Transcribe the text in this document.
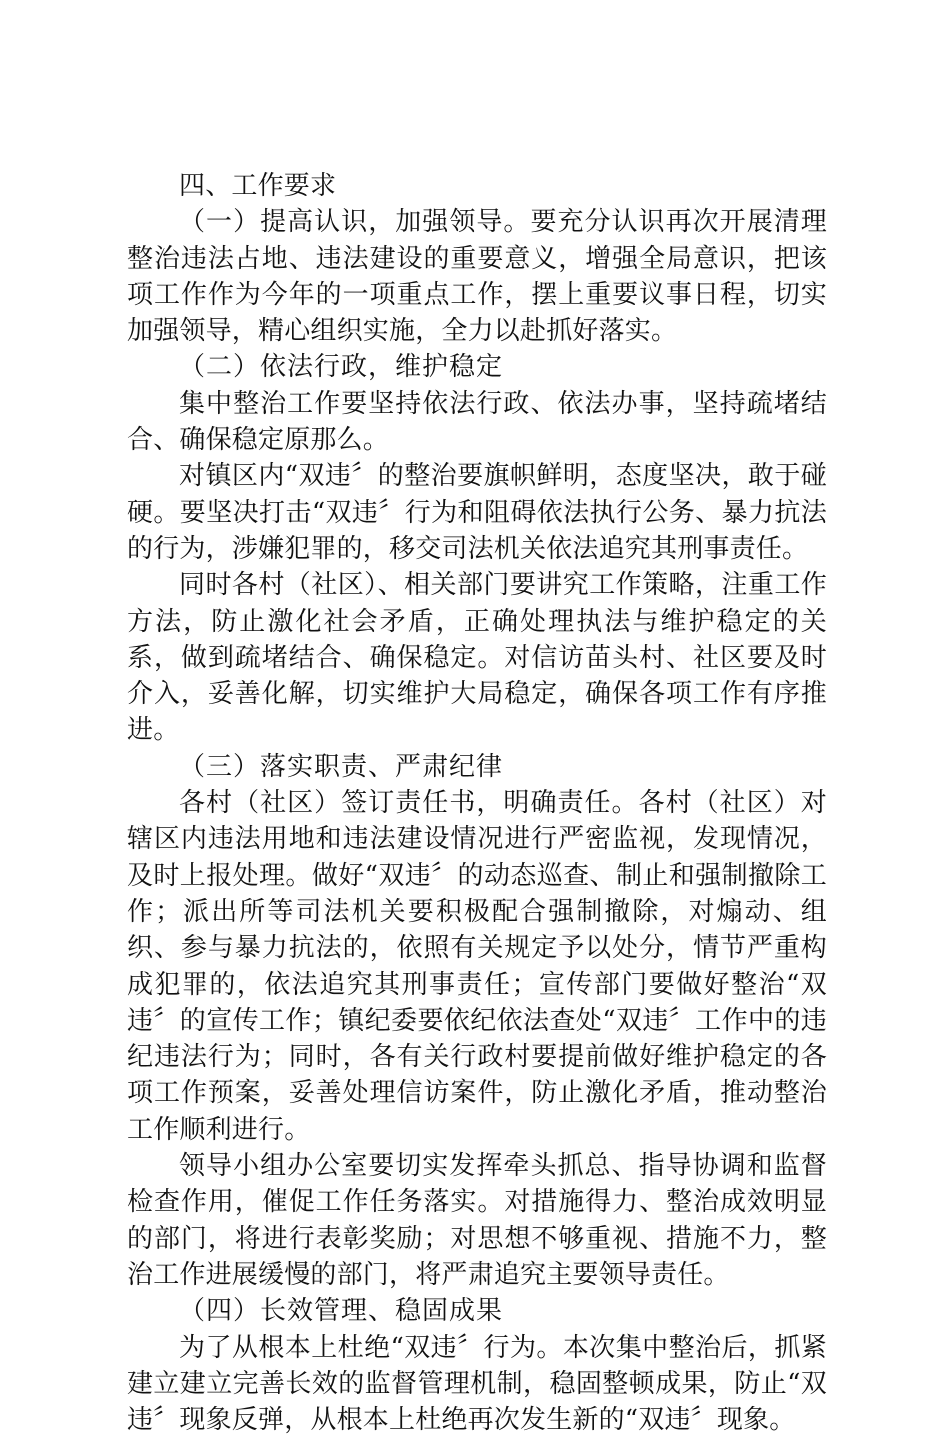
四、工作要求

（一）提高认识，加强领导。要充分认识再次开展清理整治违法占地、违法建设的重要意义，增强全局意识，把该项工作作为今年的一项重点工作，摆上重要议事日程，切实加强领导，精心组织实施，全力以赴抓好落实。

（二）依法行政，维护稳定

集中整治工作要坚持依法行政、依法办事，坚持疏堵结合、确保稳定原那么。

对镇区内“双违〞的整治要旗帜鲜明，态度坚决，敢于碰硬。要坚决打击“双违〞行为和阻碍依法执行公务、暴力抗法的行为，涉嫌犯罪的，移交司法机关依法追究其刑事责任。

同时各村（社区）、相关部门要讲究工作策略，注重工作方法，防止激化社会矛盾，正确处理执法与维护稳定的关系，做到疏堵结合、确保稳定。对信访苗头村、社区要及时介入，妥善化解，切实维护大局稳定，确保各项工作有序推进。

（三）落实职责、严肃纪律

各村（社区）签订责任书，明确责任。各村（社区）对辖区内违法用地和违法建设情况进行严密监视，发现情况，及时上报处理。做好“双违〞的动态巡查、制止和强制撤除工作；派出所等司法机关要积极配合强制撤除，对煽动、组织、参与暴力抗法的，依照有关规定予以处分，情节严重构成犯罪的，依法追究其刑事责任；宣传部门要做好整治“双违〞的宣传工作；镇纪委要依纪依法查处“双违〞工作中的违纪违法行为；同时，各有关行政村要提前做好维护稳定的各项工作预案，妥善处理信访案件，防止激化矛盾，推动整治工作顺利进行。

领导小组办公室要切实发挥牵头抓总、指导协调和监督检查作用，催促工作任务落实。对措施得力、整治成效明显的部门，将进行表彰奖励；对思想不够重视、措施不力，整治工作进展缓慢的部门，将严肃追究主要领导责任。

（四）长效管理、稳固成果

为了从根本上杜绝“双违〞行为。本次集中整治后，抓紧建立建立完善长效的监督管理机制，稳固整顿成果，防止“双违〞现象反弹，从根本上杜绝再次发生新的“双违〞现象。
